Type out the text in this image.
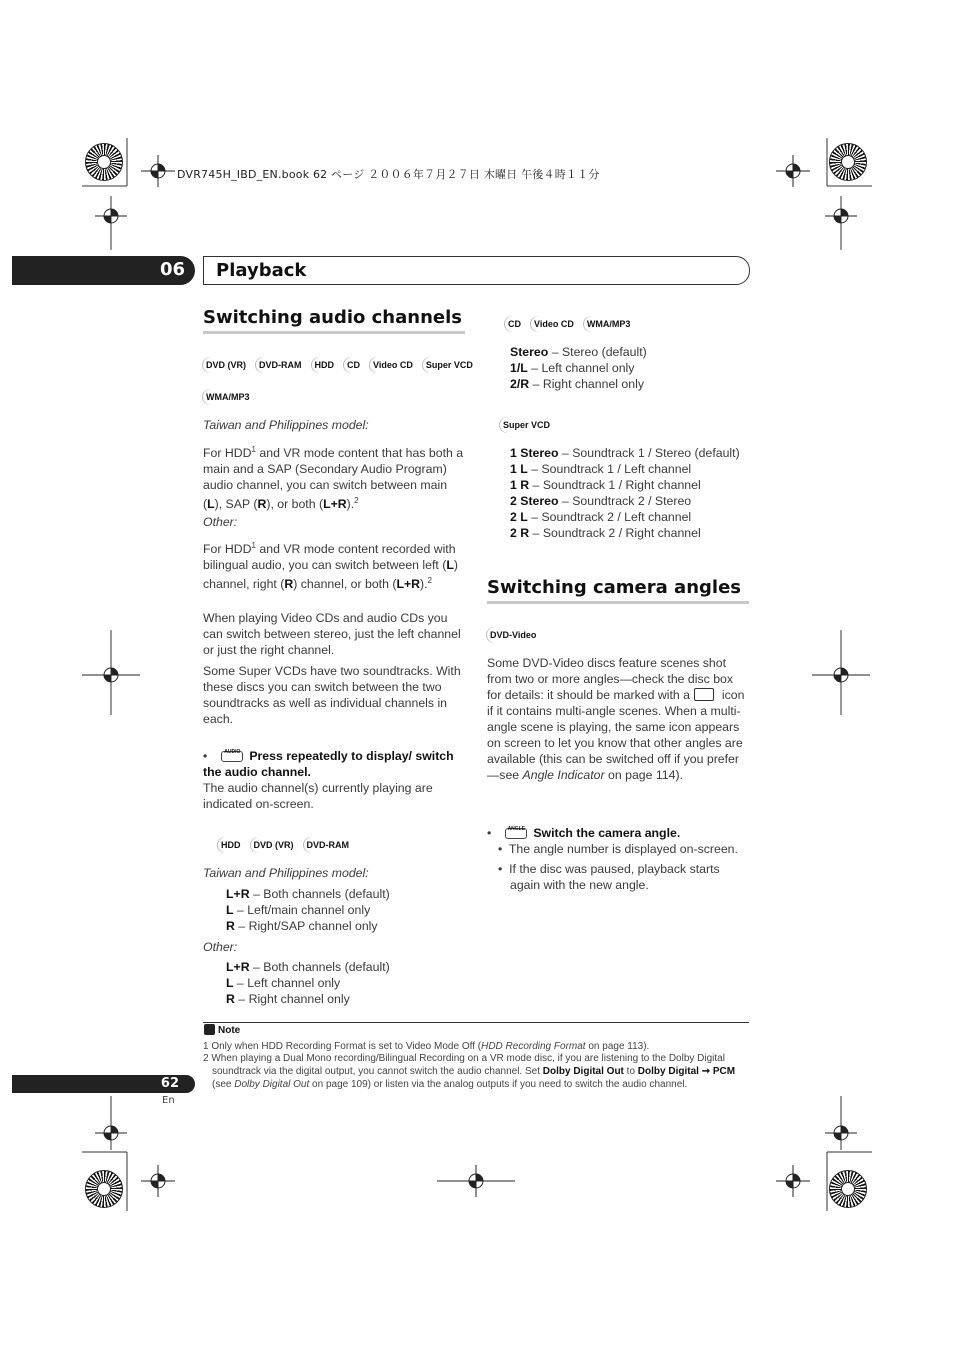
DVR745H_IBD_EN.book 62 ページ ２００６年７月２７日 木曜日 午後４時１１分
06 Playback
Switching audio channels
DVD (VR)	DVD-RAM	HDD	CD	Video CD	Super VCD
WMA/MP3
Taiwan and Philippines model:
For HDD$^1$ and VR mode content that has both a main and a SAP (Secondary Audio Program) audio channel, you can switch between main (L), SAP (R), or both (L+R).$^2$
Other:
For HDD$^1$ and VR mode content recorded with bilingual audio, you can switch between left (L) channel, right (R) channel, or both (L+R).$^2$
When playing Video CDs and audio CDs you can switch between stereo, just the left channel or just the right channel.
Some Super VCDs have two soundtracks. With these discs you can switch between the two soundtracks as well as individual channels in each.
•	AUDIO Press repeatedly to display/ switch the audio channel.
The audio channel(s) currently playing are indicated on-screen.
HDD	DVD (VR)	DVD-RAM
Taiwan and Philippines model:
L+R – Both channels (default)
L – Left/main channel only
R – Right/SAP channel only
Other:
L+R – Both channels (default)
L – Left channel only
R – Right channel only
CD	Video CD	WMA/MP3
Stereo – Stereo (default)
1/L – Left channel only
2/R – Right channel only
Super VCD
1 Stereo – Soundtrack 1 / Stereo (default)
1 L – Soundtrack 1 / Left channel
1 R – Soundtrack 1 / Right channel
2 Stereo – Soundtrack 2 / Stereo
2 L – Soundtrack 2 / Left channel
2 R – Soundtrack 2 / Right channel
Switching camera angles
DVD-Video
Some DVD-Video discs feature scenes shot from two or more angles—check the disc box for details: it should be marked with a  icon if it contains multi-angle scenes. When a multi-angle scene is playing, the same icon appears on screen to let you know that other angles are available (this can be switched off if you prefer—see Angle Indicator on page 114).
•	ANGLE Switch the camera angle.
•  The angle number is displayed on-screen.
•  If the disc was paused, playback starts again with the new angle.
Note
1 Only when HDD Recording Format is set to Video Mode Off (HDD Recording Format on page 113).
2 When playing a Dual Mono recording/Bilingual Recording on a VR mode disc, if you are listening to the Dolby Digital soundtrack via the digital output, you cannot switch the audio channel. Set Dolby Digital Out to Dolby Digital ➞ PCM (see Dolby Digital Out on page 109) or listen via the analog outputs if you need to switch the audio channel.
62
En
